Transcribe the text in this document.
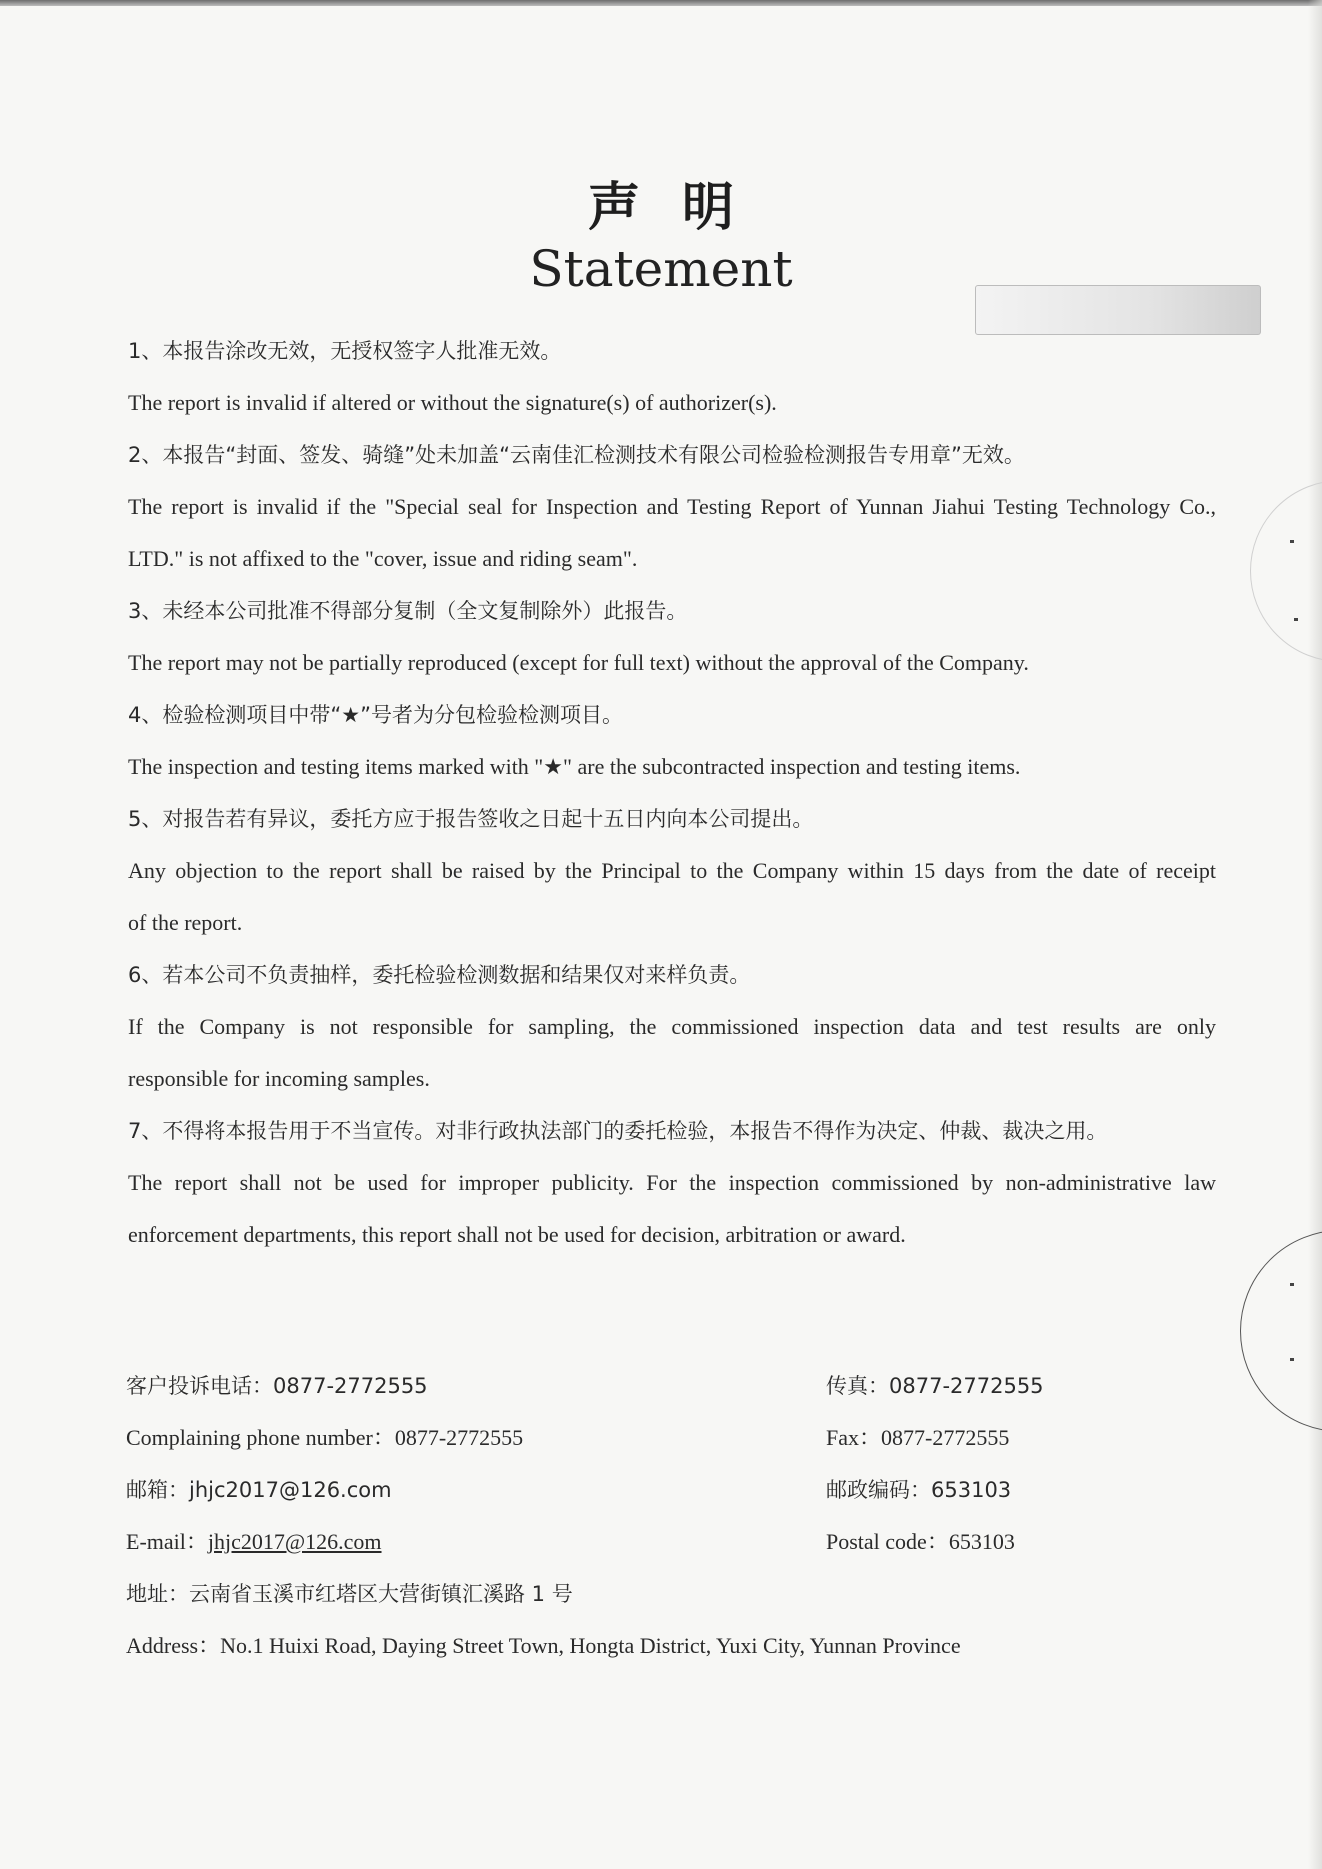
声明
Statement
1、本报告涂改无效，无授权签字人批准无效。
The report is invalid if altered or without the signature(s) of authorizer(s).
2、本报告“封面、签发、骑缝”处未加盖“云南佳汇检测技术有限公司检验检测报告专用章”无效。
The report is invalid if the "Special seal for Inspection and Testing Report of Yunnan Jiahui Testing Technology Co.,
LTD." is not affixed to the "cover, issue and riding seam".
3、未经本公司批准不得部分复制（全文复制除外）此报告。
The report may not be partially reproduced (except for full text) without the approval of the Company.
4、检验检测项目中带“★”号者为分包检验检测项目。
The inspection and testing items marked with "★" are the subcontracted inspection and testing items.
5、对报告若有异议，委托方应于报告签收之日起十五日内向本公司提出。
Any objection to the report shall be raised by the Principal to the Company within 15 days from the date of receipt
of the report.
6、若本公司不负责抽样，委托检验检测数据和结果仅对来样负责。
If the Company is not responsible for sampling, the commissioned inspection data and test results are only
responsible for incoming samples.
7、不得将本报告用于不当宣传。对非行政执法部门的委托检验，本报告不得作为决定、仲裁、裁决之用。
The report shall not be used for improper publicity. For the inspection commissioned by non-administrative law
enforcement departments, this report shall not be used for decision, arbitration or award.
客户投诉电话：0877-2772555	传真：0877-2772555
Complaining phone number：0877-2772555	Fax：0877-2772555
邮箱：jhjc2017@126.com	邮政编码：653103
E-mail：jhjc2017@126.com	Postal code：653103
地址：云南省玉溪市红塔区大营街镇汇溪路 1 号
Address：No.1 Huixi Road, Daying Street Town, Hongta District, Yuxi City, Yunnan Province
